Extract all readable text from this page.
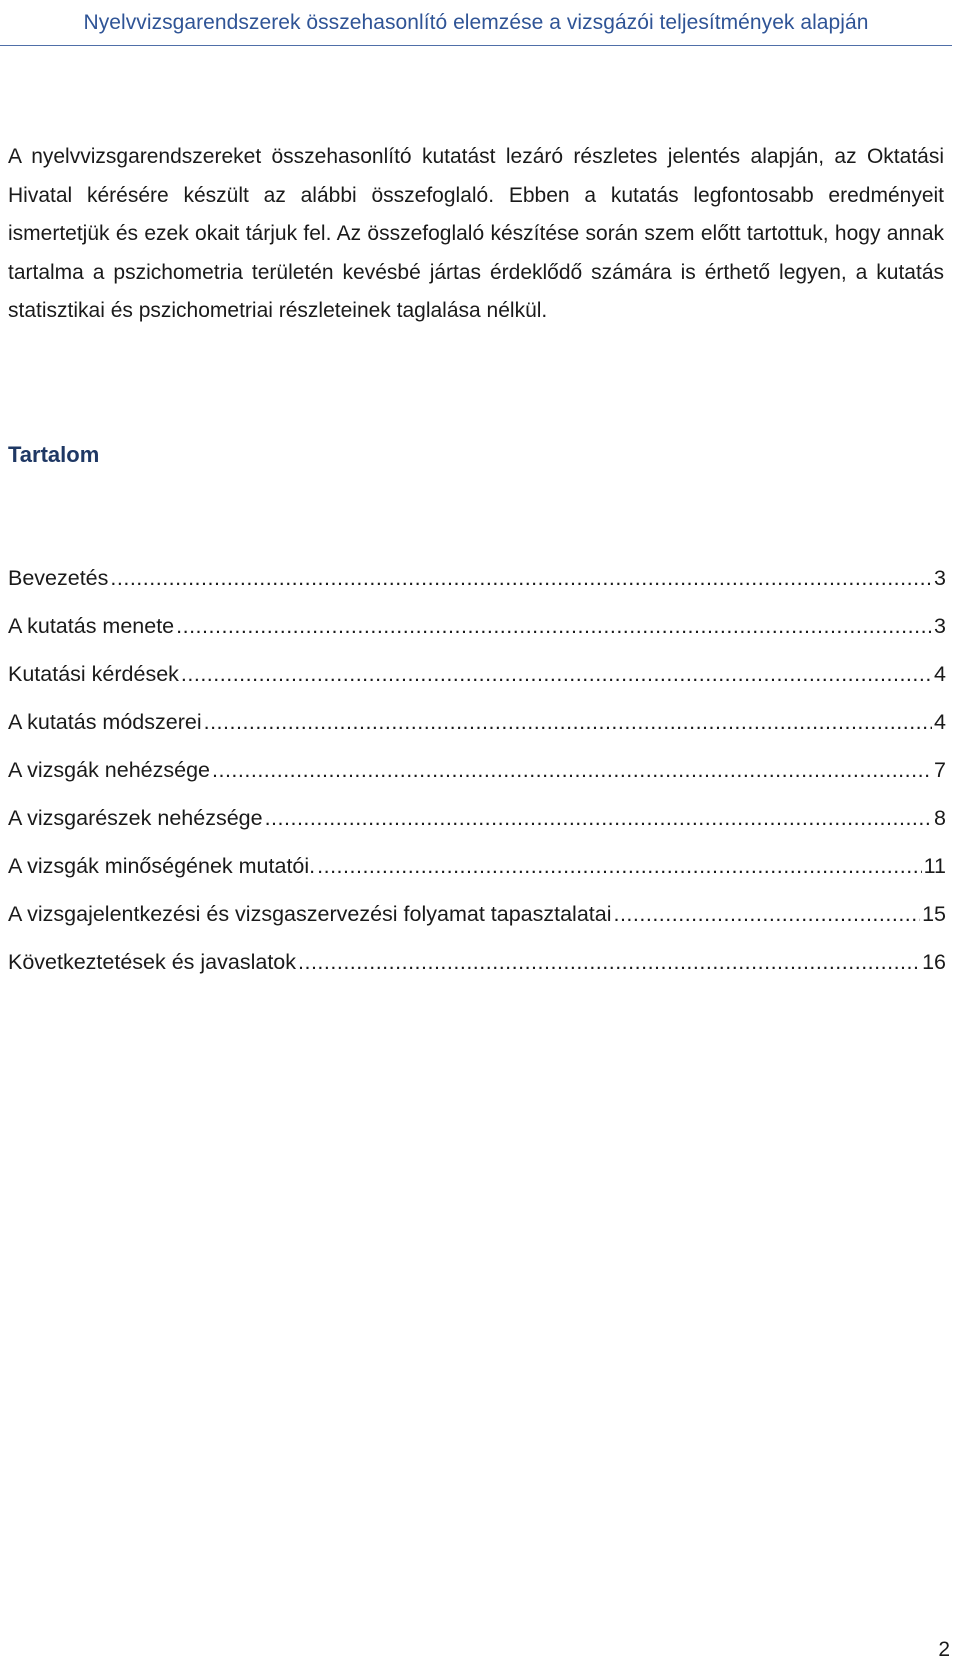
Nyelvvizsgarendszerek összehasonlító elemzése a vizsgázói teljesítmények alapján

A nyelvvizsgarendszereket összehasonlító kutatást lezáró részletes jelentés alapján, az Oktatási Hivatal kérésére készült az alábbi összefoglaló. Ebben a kutatás legfontosabb eredményeit ismertetjük és ezek okait tárjuk fel. Az összefoglaló készítése során szem előtt tartottuk, hogy annak tartalma a pszichometria területén kevésbé jártas érdeklődő számára is érthető legyen, a kutatás statisztikai és pszichometriai részleteinek taglalása nélkül.

Tartalom
Bevezetés .....	3
A kutatás menete .....	3
Kutatási kérdések .....	4
A kutatás módszerei .....	4
A vizsgák nehézsége .....	7
A vizsgarészek nehézsége .....	8
A vizsgák minőségének mutatói. .....	11
A vizsgajelentkezési és vizsgaszervezési folyamat tapasztalatai .....	15
Következtetések és javaslatok .....	16
2
